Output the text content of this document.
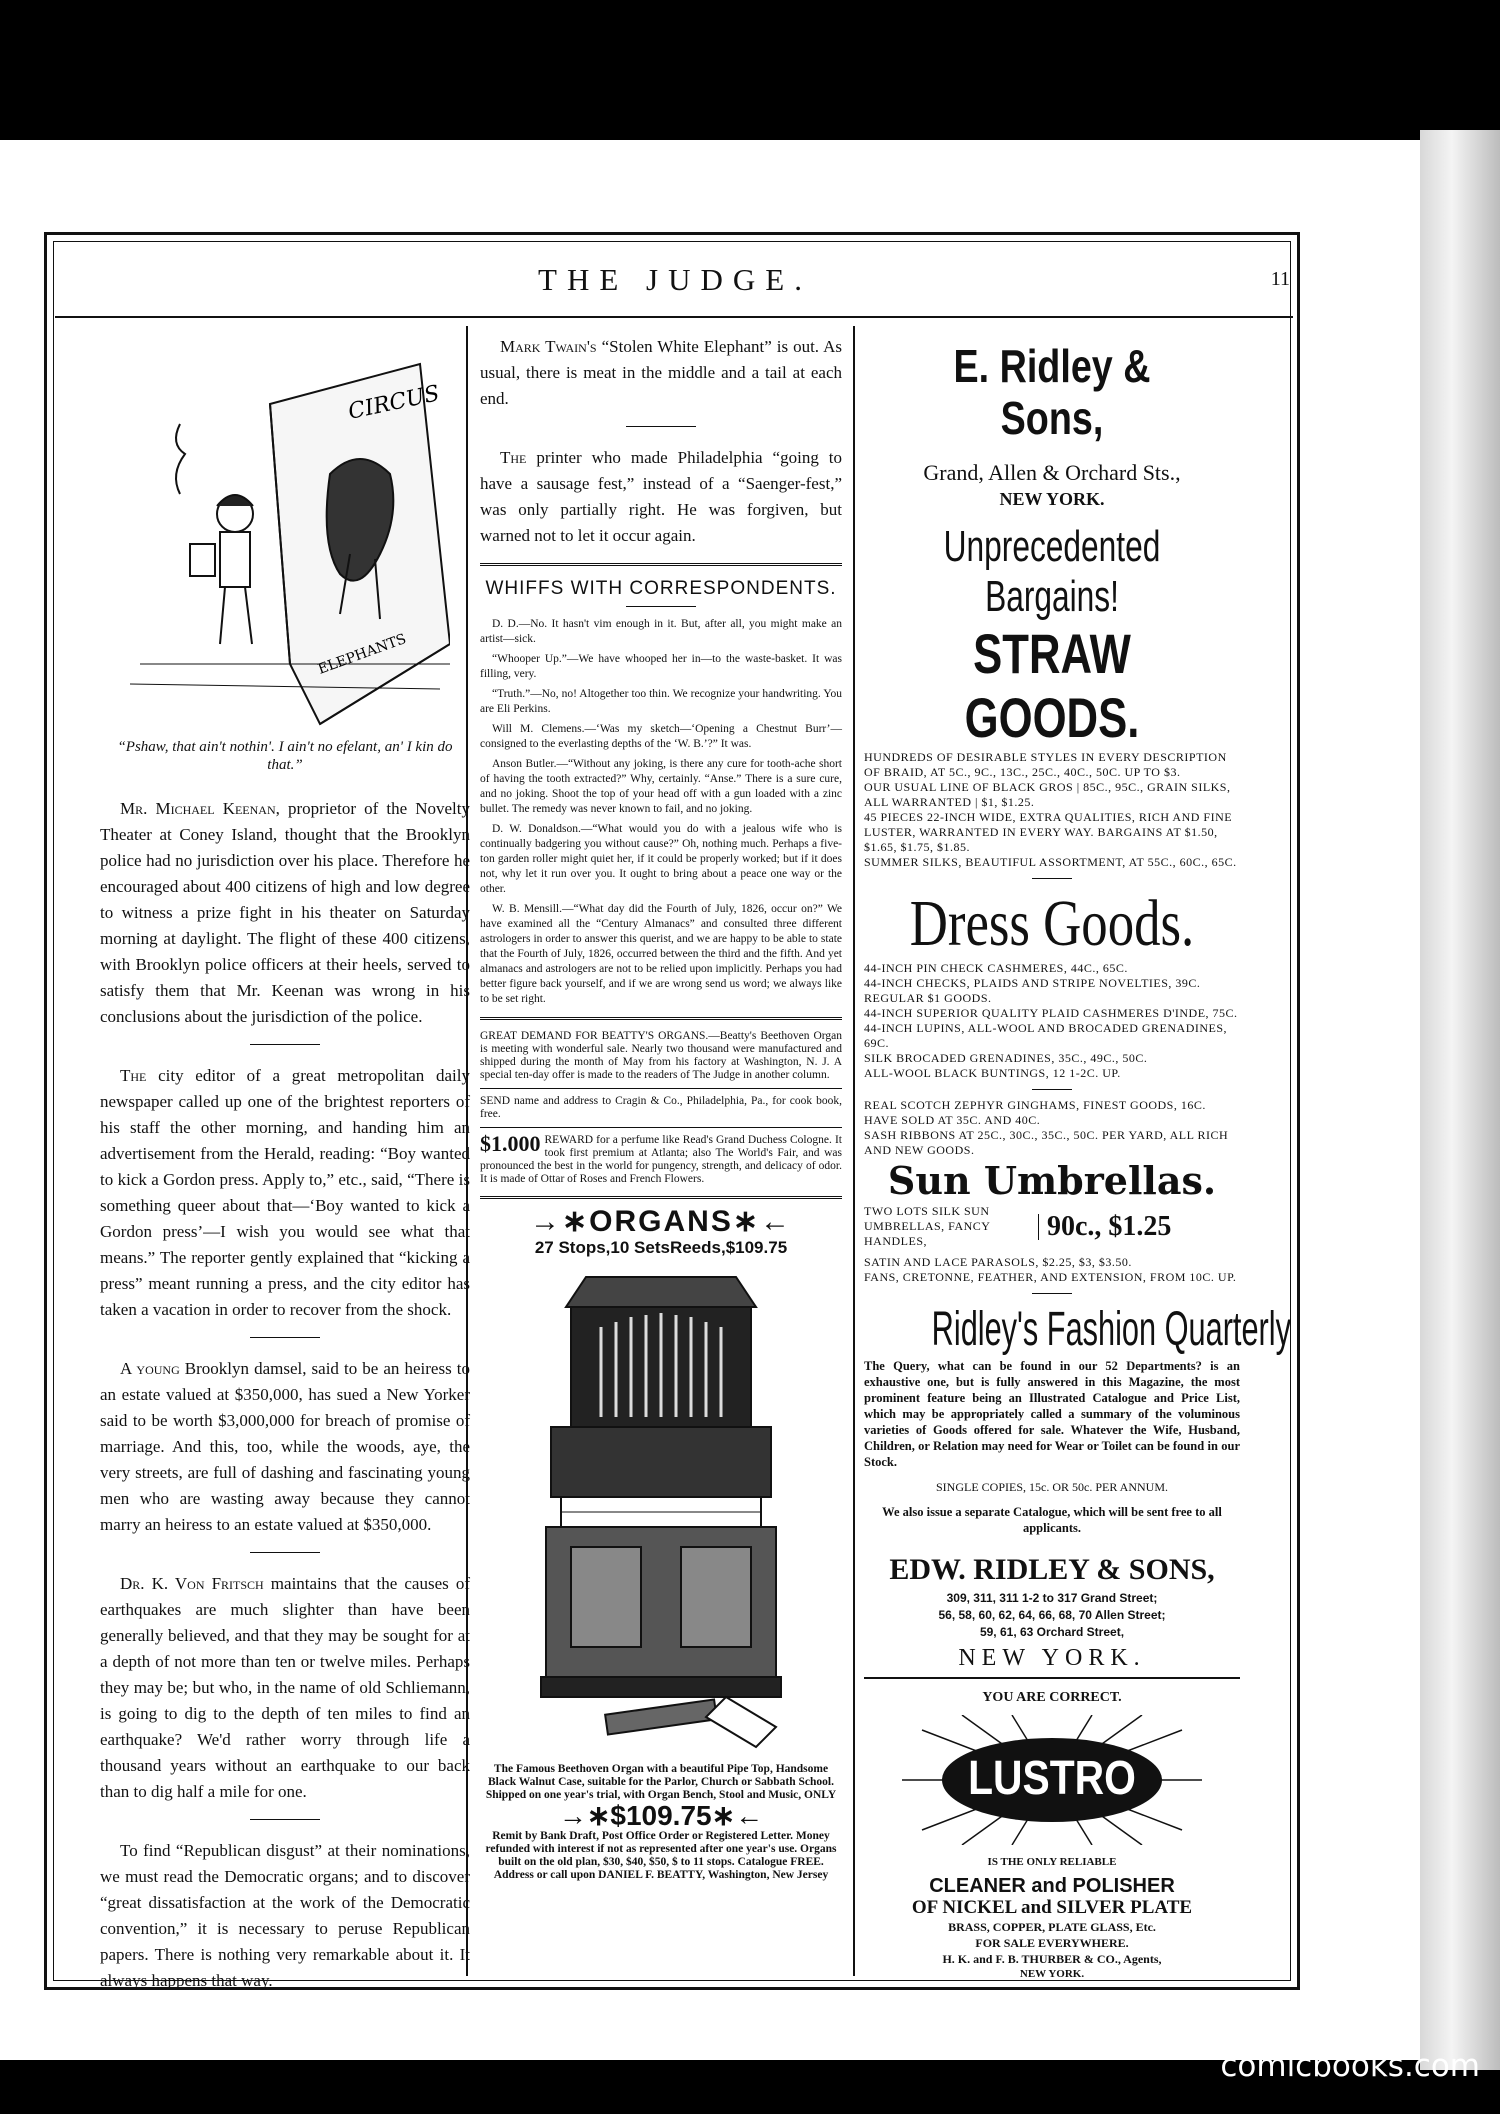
THE JUDGE.	11
CIRCUS
ELEPHANTS
“Pshaw, that ain't nothin'. I ain't no efelant, an' I kin do that.”

Mr. Michael Keenan, proprietor of the Novelty Theater at Coney Island, thought that the Brooklyn police had no jurisdiction over his place. Therefore he encouraged about 400 citizens of high and low degree to witness a prize fight in his theater on Saturday morning at daylight. The flight of these 400 citizens, with Brooklyn police officers at their heels, served to satisfy them that Mr. Keenan was wrong in his conclusions about the jurisdiction of the police.

The city editor of a great metropolitan daily newspaper called up one of the brightest reporters of his staff the other morning, and handing him an advertisement from the Herald, reading: “Boy wanted to kick a Gordon press. Apply to,” etc., said, “There is something queer about that—‘Boy wanted to kick a Gordon press’—I wish you would see what that means.” The reporter gently explained that “kicking a press” meant running a press, and the city editor has taken a vacation in order to recover from the shock.

A young Brooklyn damsel, said to be an heiress to an estate valued at $350,000, has sued a New Yorker said to be worth $3,000,000 for breach of promise of marriage. And this, too, while the woods, aye, the very streets, are full of dashing and fascinating young men who are wasting away because they cannot marry an heiress to an estate valued at $350,000.

Dr. K. Von Fritsch maintains that the causes of earthquakes are much slighter than have been generally believed, and that they may be sought for at a depth of not more than ten or twelve miles. Perhaps they may be; but who, in the name of old Schliemann, is going to dig to the depth of ten miles to find an earthquake? We'd rather worry through life a thousand years without an earthquake to our back than to dig half a mile for one.

To find “Republican disgust” at their nominations, we must read the Democratic organs; and to discover “great dissatisfaction at the work of the Democratic convention,” it is necessary to peruse Republican papers. There is nothing very remarkable about it. It always happens that way.

Mark Twain's “Stolen White Elephant” is out. As usual, there is meat in the middle and a tail at each end.

The printer who made Philadelphia “going to have a sausage fest,” instead of a “Saenger-fest,” was only partially right. He was forgiven, but warned not to let it occur again.

WHIFFS WITH CORRESPONDENTS.

D. D.—No. It hasn't vim enough in it. But, after all, you might make an artist—sick.

“Whooper Up.”—We have whooped her in—to the waste-basket. It was filling, very.

“Truth.”—No, no! Altogether too thin. We recognize your handwriting. You are Eli Perkins.

Will M. Clemens.—‘Was my sketch—‘Opening a Chestnut Burr’—consigned to the everlasting depths of the ‘W. B.’?” It was.

Anson Butler.—“Without any joking, is there any cure for tooth-ache short of having the tooth extracted?” Why, certainly. “Anse.” There is a sure cure, and no joking. Shoot the top of your head off with a gun loaded with a zinc bullet. The remedy was never known to fail, and no joking.

D. W. Donaldson.—“What would you do with a jealous wife who is continually badgering you without cause?” Oh, nothing much. Perhaps a five-ton garden roller might quiet her, if it could be properly worked; but if it does not, why let it run over you. It ought to bring about a peace one way or the other.

W. B. Mensill.—“What day did the Fourth of July, 1826, occur on?” We have examined all the “Century Almanacs” and consulted three different astrologers in order to answer this querist, and we are happy to be able to state that the Fourth of July, 1826, occurred between the third and the fifth. And yet almanacs and astrologers are not to be relied upon implicitly. Perhaps you had better figure back yourself, and if we are wrong send us word; we always like to be set right.

GREAT DEMAND FOR BEATTY'S ORGANS.—Beatty's Beethoven Organ is meeting with wonderful sale. Nearly two thousand were manufactured and shipped during the month of May from his factory at Washington, N. J. A special ten-day offer is made to the readers of The Judge in another column.

SEND name and address to Cragin & Co., Philadelphia, Pa., for cook book, free.

$1.000 REWARD for a perfume like Read's Grand Duchess Cologne. It took first premium at Atlanta; also The World's Fair, and was pronounced the best in the world for pungency, strength, and delicacy of odor. It is made of Ottar of Roses and French Flowers.

→∗ORGANS∗←
27 Stops,10 SetsReeds,$109.75
The Famous Beethoven Organ with a beautiful Pipe Top, Handsome Black Walnut Case, suitable for the Parlor, Church or Sabbath School. Shipped on one year's trial, with Organ Bench, Stool and Music, ONLY
→∗$109.75∗←
Remit by Bank Draft, Post Office Order or Registered Letter. Money refunded with interest if not as represented after one year's use. Organs built on the old plan, $30, $40, $50, $ to 11 stops. Catalogue FREE. Address or call upon DANIEL F. BEATTY, Washington, New Jersey
E. Ridley & Sons,
Grand, Allen & Orchard Sts.,
NEW YORK.
Unprecedented Bargains!
STRAW GOODS.
HUNDREDS OF DESIRABLE STYLES IN EVERY DESCRIPTION OF BRAID, AT 5C., 9C., 13C., 25C., 40C., 50C. UP TO $3.
OUR USUAL LINE OF BLACK GROS | 85C., 95C., GRAIN SILKS, ALL WARRANTED | $1, $1.25.
45 PIECES 22-INCH WIDE, EXTRA QUALITIES, RICH AND FINE LUSTER, WARRANTED IN EVERY WAY. BARGAINS AT $1.50, $1.65, $1.75, $1.85.
SUMMER SILKS, BEAUTIFUL ASSORTMENT, AT 55C., 60C., 65C.
Dress Goods.
44-INCH PIN CHECK CASHMERES, 44C., 65C.
44-INCH CHECKS, PLAIDS AND STRIPE NOVELTIES, 39C. REGULAR $1 GOODS.
44-INCH SUPERIOR QUALITY PLAID CASHMERES D'INDE, 75C.
44-INCH LUPINS, ALL-WOOL AND BROCADED GRENADINES, 69C.
SILK BROCADED GRENADINES, 35C., 49C., 50C.
ALL-WOOL BLACK BUNTINGS, 12 1-2C. UP.
REAL SCOTCH ZEPHYR GINGHAMS, FINEST GOODS, 16C. HAVE SOLD AT 35C. AND 40C.
SASH RIBBONS AT 25C., 30C., 35C., 50C. PER YARD, ALL RICH AND NEW GOODS.
Sun Umbrellas.
TWO LOTS SILK SUN UMBRELLAS, FANCY HANDLES,	90c., $1.25
SATIN AND LACE PARASOLS, $2.25, $3, $3.50.
FANS, CRETONNE, FEATHER, AND EXTENSION, FROM 10C. UP.
Ridley's Fashion Quarterly
The Query, what can be found in our 52 Departments? is an exhaustive one, but is fully answered in this Magazine, the most prominent feature being an Illustrated Catalogue and Price List, which may be appropriately called a summary of the voluminous varieties of Goods offered for sale. Whatever the Wife, Husband, Children, or Relation may need for Wear or Toilet can be found in our Stock.
SINGLE COPIES, 15c. OR 50c. PER ANNUM.
We also issue a separate Catalogue, which will be sent free to all applicants.
EDW. RIDLEY & SONS,
309, 311, 311 1-2 to 317 Grand Street;
56, 58, 60, 62, 64, 66, 68, 70 Allen Street;
59, 61, 63 Orchard Street,
NEW YORK.
YOU ARE CORRECT.
LUSTRO
IS THE ONLY RELIABLE
CLEANER and POLISHER
OF NICKEL and SILVER PLATE
BRASS, COPPER, PLATE GLASS, Etc.
FOR SALE EVERYWHERE.
H. K. and F. B. THURBER & CO., Agents,
NEW YORK.
comicbooks.com
